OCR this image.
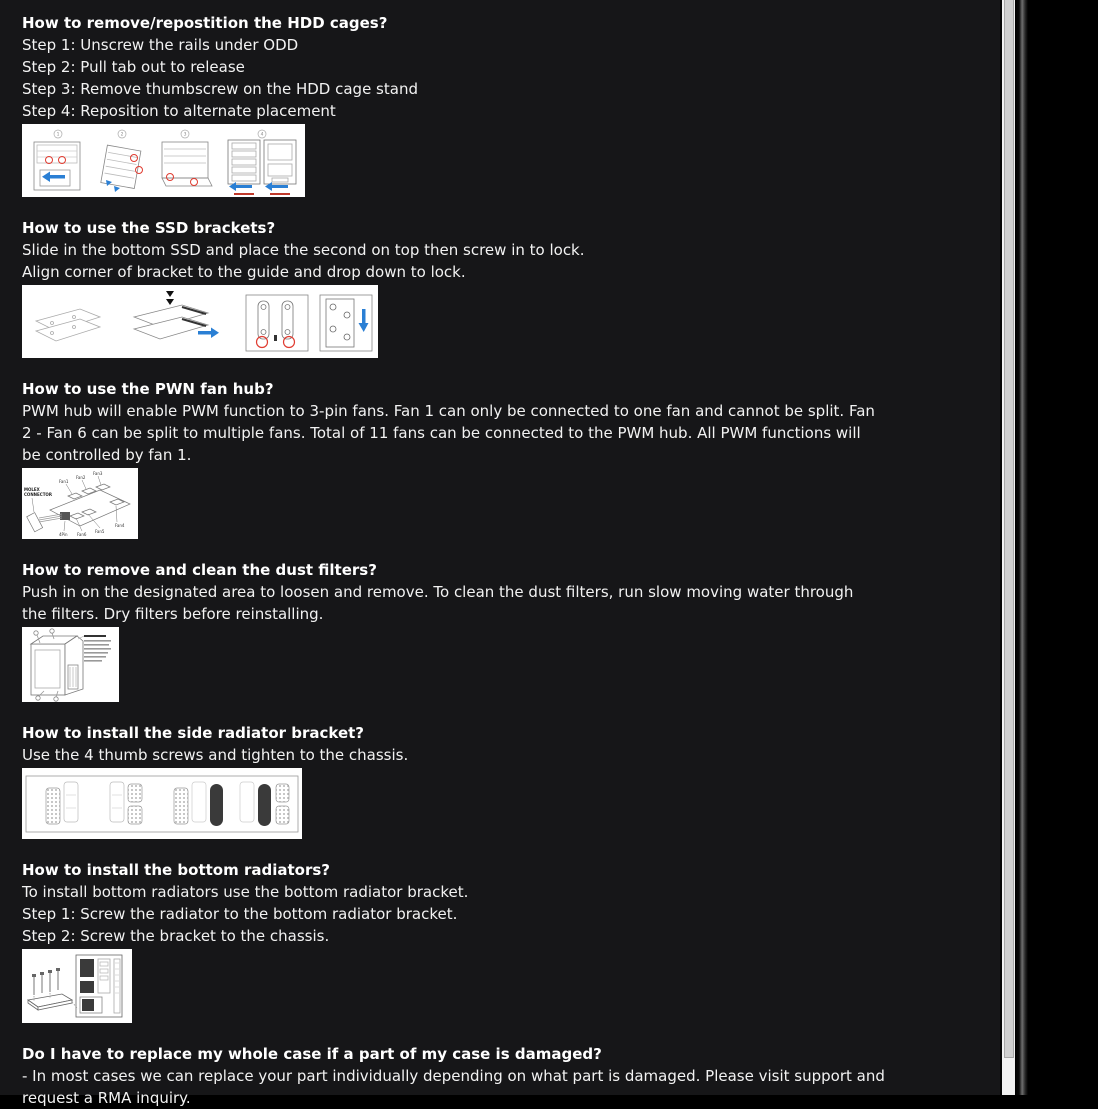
How to remove/repostition the HDD cages?
Step 1: Unscrew the rails under ODD
Step 2: Pull tab out to release
Step 3: Remove thumbscrew on the HDD cage stand
Step 4: Reposition to alternate placement
1	2	3	4
How to use the SSD brackets?
Slide in the bottom SSD and place the second on top then screw in to lock.
Align corner of bracket to the guide and drop down to lock.
How to use the PWN fan hub?
PWM hub will enable PWM function to 3-pin fans. Fan 1 can only be connected to one fan and cannot be split. Fan
2 - Fan 6 can be split to multiple fans. Total of 11 fans can be connected to the PWM hub. All PWM functions will
be controlled by fan 1.
MOLEX
CONNECTOR
Fan1
Fan2
Fan3
Fan4
Fan5
Fan6
4Pin
How to remove and clean the dust filters?
Push in on the designated area to loosen and remove. To clean the dust filters, run slow moving water through
the filters. Dry filters before reinstalling.
How to install the side radiator bracket?
Use the 4 thumb screws and tighten to the chassis.
How to install the bottom radiators?
To install bottom radiators use the bottom radiator bracket.
Step 1: Screw the radiator to the bottom radiator bracket.
Step 2: Screw the bracket to the chassis.
Do I have to replace my whole case if a part of my case is damaged?
- In most cases we can replace your part individually depending on what part is damaged. Please visit support and
request a RMA inquiry.
